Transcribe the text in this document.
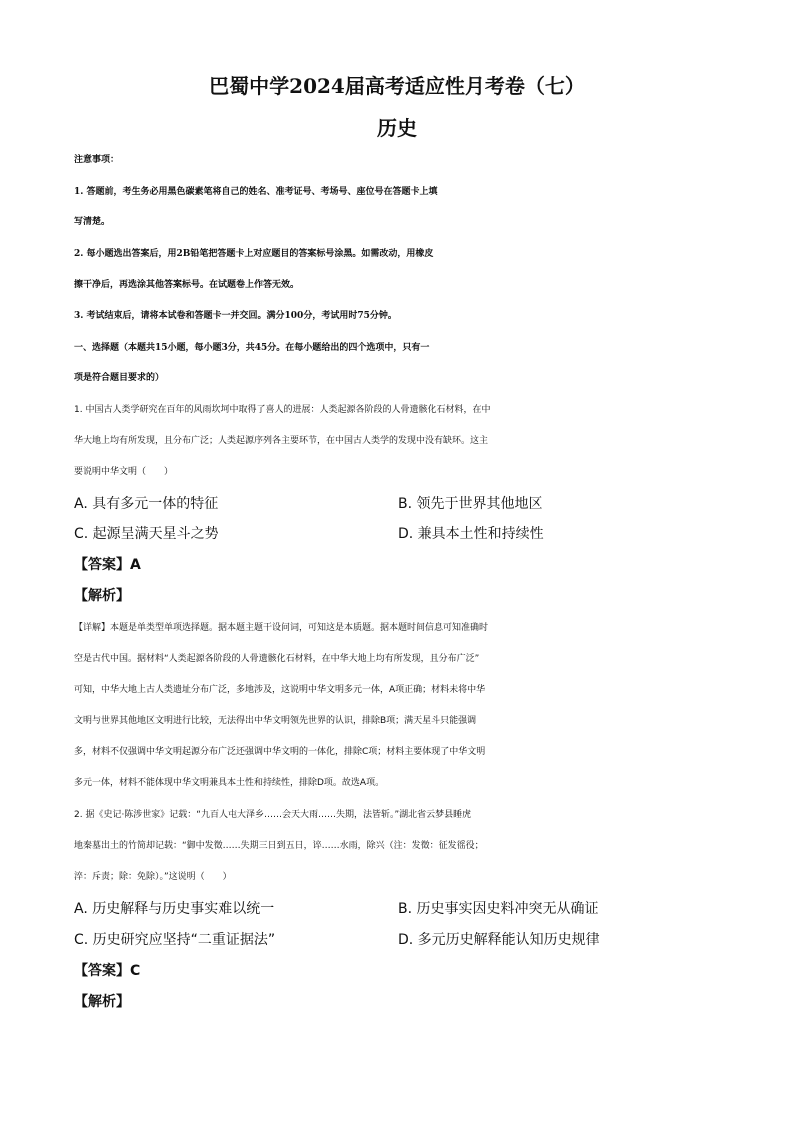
巴蜀中学2024届高考适应性月考卷（七）
历史
注意事项：
1. 答题前，考生务必用黑色碳素笔将自己的姓名、准考证号、考场号、座位号在答题卡上填
写清楚。
2. 每小题选出答案后，用2B铅笔把答题卡上对应题目的答案标号涂黑。如需改动，用橡皮
擦干净后，再选涂其他答案标号。在试题卷上作答无效。
3. 考试结束后，请将本试卷和答题卡一并交回。满分100分，考试用时75分钟。
一、选择题（本题共15小题，每小题3分，共45分。在每小题给出的四个选项中，只有一
项是符合题目要求的）
1. 中国古人类学研究在百年的风雨坎坷中取得了喜人的进展：人类起源各阶段的人骨遗骸化石材料，在中
华大地上均有所发现，且分布广泛；人类起源序列各主要环节，在中国古人类学的发现中没有缺环。这主
要说明中华文明（　　）
A. 具有多元一体的特征	B. 领先于世界其他地区
C. 起源呈满天星斗之势	D. 兼具本土性和持续性
【答案】A
【解析】
【详解】本题是单类型单项选择题。据本题主题干设问词，可知这是本质题。据本题时间信息可知准确时
空是古代中国。据材料“人类起源各阶段的人骨遗骸化石材料，在中华大地上均有所发现，且分布广泛”
可知，中华大地上古人类遗址分布广泛，多地涉及，这说明中华文明多元一体，A项正确；材料未将中华
文明与世界其他地区文明进行比较，无法得出中华文明领先世界的认识，排除B项；满天星斗只能强调
多，材料不仅强调中华文明起源分布广泛还强调中华文明的一体化，排除C项；材料主要体现了中华文明
多元一体，材料不能体现中华文明兼具本土性和持续性，排除D项。故选A项。
2. 据《史记·陈涉世家》记载：“九百人屯大泽乡……会天大雨……失期，法皆斩。”湖北省云梦县睡虎
地秦墓出土的竹简却记载：“御中发徵……失期三日到五日，谇……水雨，除兴（注：发徵：征发徭役；
淬：斥责；除：免除）。”这说明（　　）
A. 历史解释与历史事实难以统一	B. 历史事实因史料冲突无从确证
C. 历史研究应坚持“二重证据法”	D. 多元历史解释能认知历史规律
【答案】C
【解析】
